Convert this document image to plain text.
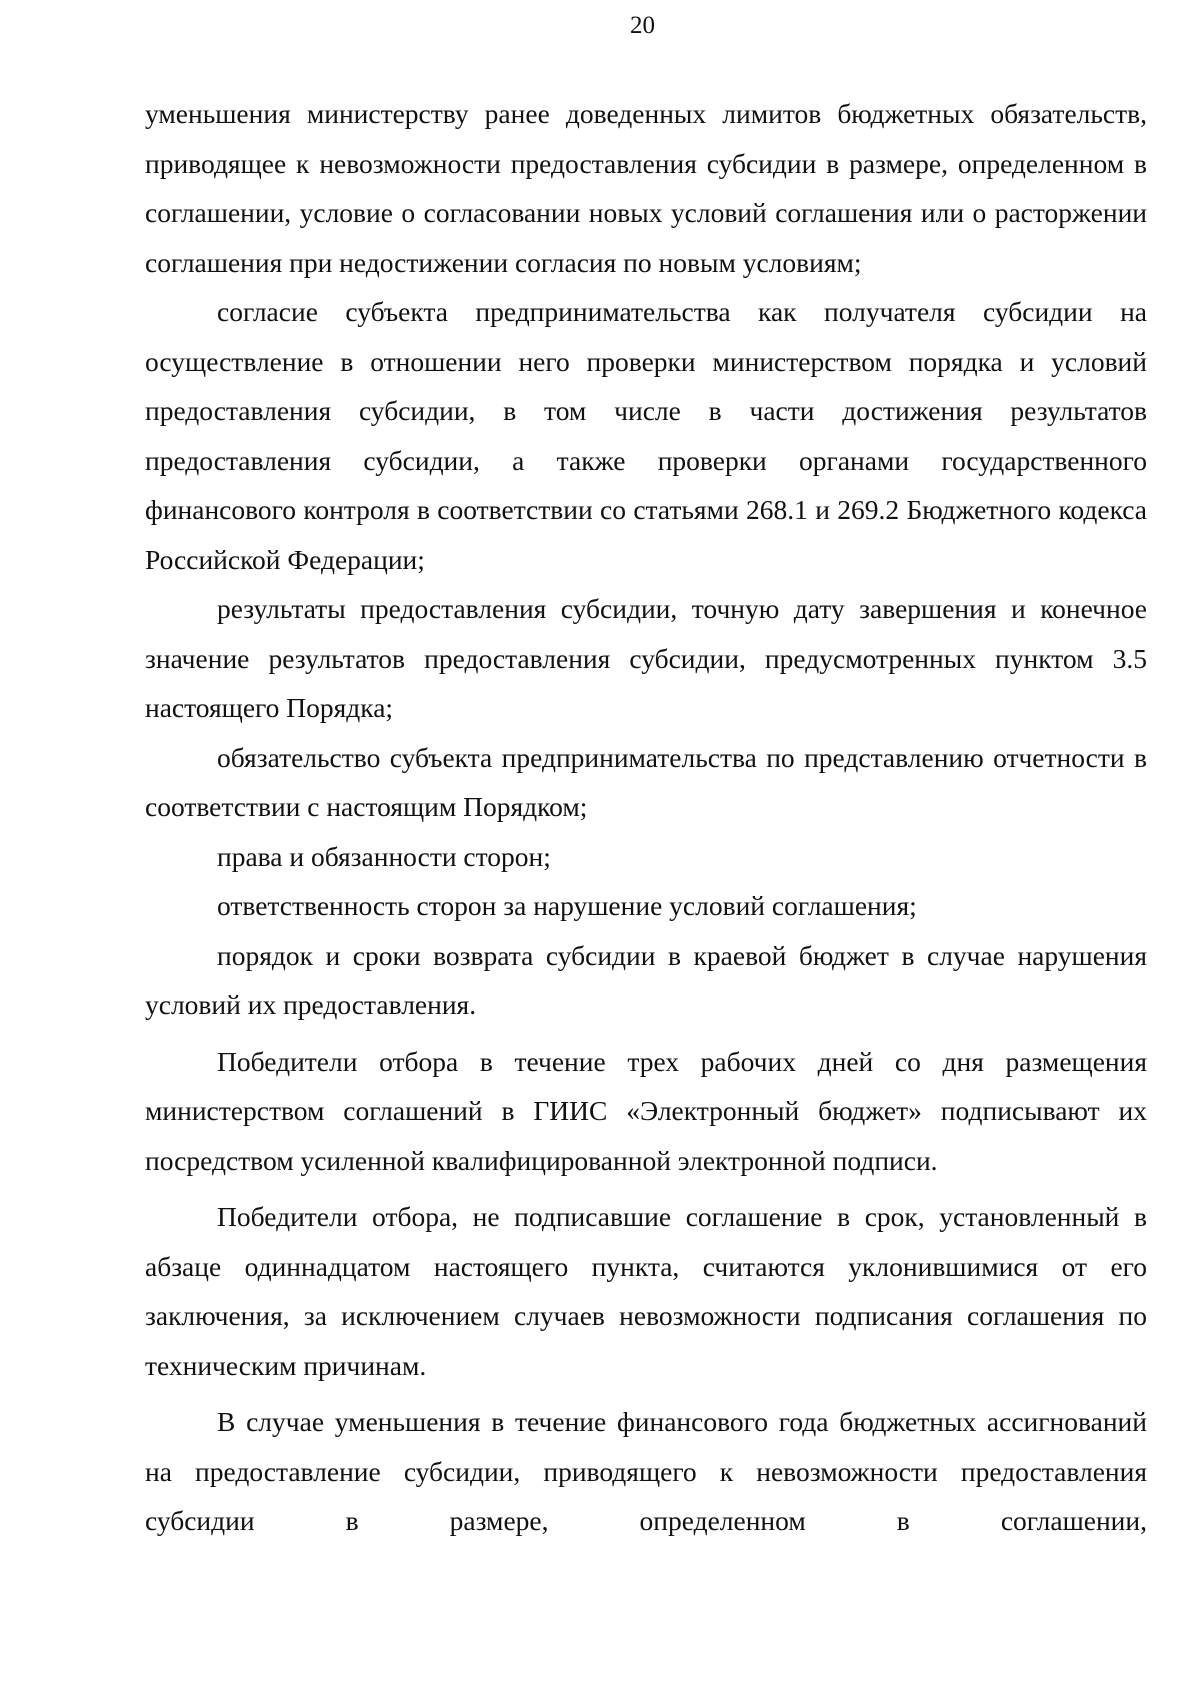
20

уменьшения министерству ранее доведенных лимитов бюджетных обязательств, приводящее к невозможности предоставления субсидии в размере, определенном в соглашении, условие о согласовании новых условий соглашения или о расторжении соглашения при недостижении согласия по новым условиям;

согласие субъекта предпринимательства как получателя субсидии на осуществление в отношении него проверки министерством порядка и условий предоставления субсидии, в том числе в части достижения результатов предоставления субсидии, а также проверки органами государственного финансового контроля в соответствии со статьями 268.1 и 269.2 Бюджетного кодекса Российской Федерации;

результаты предоставления субсидии, точную дату завершения и конечное значение результатов предоставления субсидии, предусмотренных пунктом 3.5 настоящего Порядка;

обязательство субъекта предпринимательства по представлению отчетности в соответствии с настоящим Порядком;

права и обязанности сторон;

ответственность сторон за нарушение условий соглашения;

порядок и сроки возврата субсидии в краевой бюджет в случае нарушения условий их предоставления.

Победители отбора в течение трех рабочих дней со дня размещения министерством соглашений в ГИИС «Электронный бюджет» подписывают их посредством усиленной квалифицированной электронной подписи.

Победители отбора, не подписавшие соглашение в срок, установленный в абзаце одиннадцатом настоящего пункта, считаются уклонившимися от его заключения, за исключением случаев невозможности подписания соглашения по техническим причинам.

В случае уменьшения в течение финансового года бюджетных ассигнований на предоставление субсидии, приводящего к невозможности предоставления субсидии в размере, определенном в соглашении,
